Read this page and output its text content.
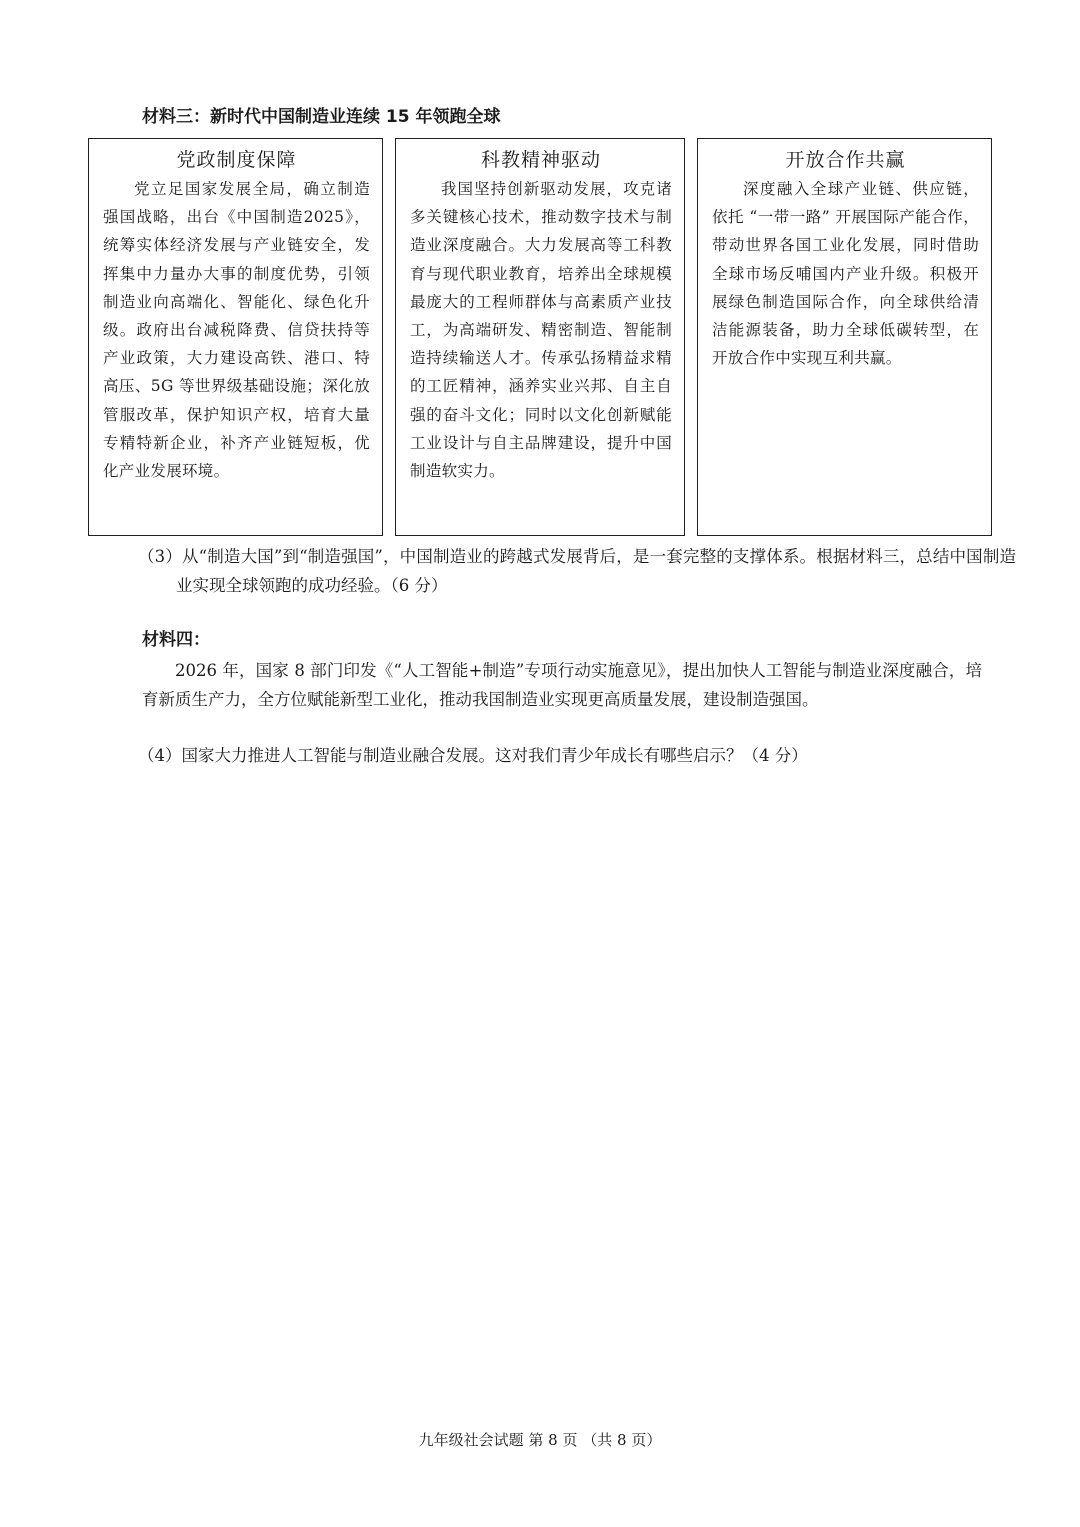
材料三：新时代中国制造业连续 15 年领跑全球
党政制度保障
党立足国家发展全局，确立制造强国战略，出台《中国制造2025》，统筹实体经济发展与产业链安全，发挥集中力量办大事的制度优势，引领制造业向高端化、智能化、绿色化升级。政府出台减税降费、信贷扶持等产业政策，大力建设高铁、港口、特高压、5G 等世界级基础设施；深化放管服改革，保护知识产权，培育大量专精特新企业，补齐产业链短板，优化产业发展环境。
科教精神驱动
我国坚持创新驱动发展，攻克诸多关键核心技术，推动数字技术与制造业深度融合。大力发展高等工科教育与现代职业教育，培养出全球规模最庞大的工程师群体与高素质产业技工，为高端研发、精密制造、智能制造持续输送人才。传承弘扬精益求精的工匠精神，涵养实业兴邦、自主自强的奋斗文化；同时以文化创新赋能工业设计与自主品牌建设，提升中国制造软实力。
开放合作共赢
深度融入全球产业链、供应链，依托 “一带一路” 开展国际产能合作，带动世界各国工业化发展，同时借助全球市场反哺国内产业升级。积极开展绿色制造国际合作，向全球供给清洁能源装备，助力全球低碳转型，在开放合作中实现互利共赢。
（3）从“制造大国”到“制造强国”，中国制造业的跨越式发展背后，是一套完整的支撑体系。根据材料三，总结中国制造业实现全球领跑的成功经验。（6 分）
材料四：
2026 年，国家 8 部门印发《“人工智能+制造”专项行动实施意见》，提出加快人工智能与制造业深度融合，培育新质生产力，全方位赋能新型工业化，推动我国制造业实现更高质量发展，建设制造强国。
（4）国家大力推进人工智能与制造业融合发展。这对我们青少年成长有哪些启示？（4 分）
九年级社会试题 第 8 页 （共 8 页）
